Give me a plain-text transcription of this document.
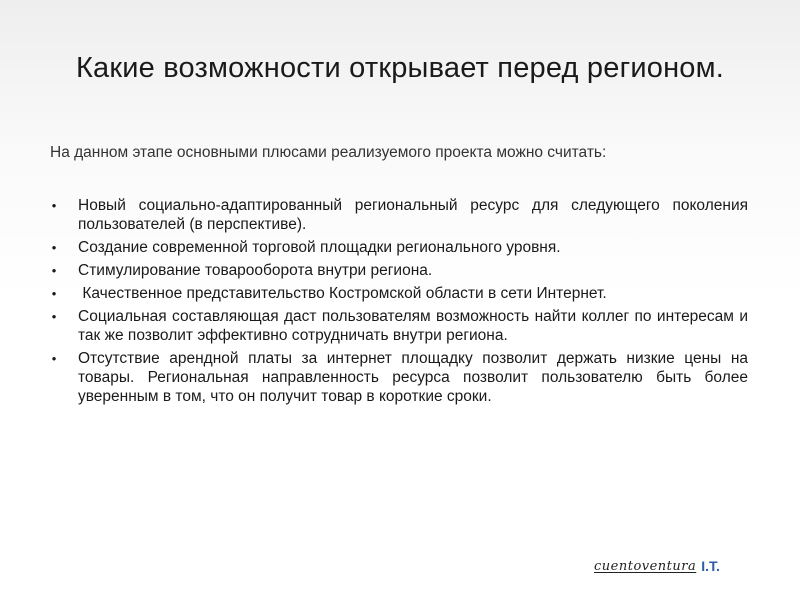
Какие возможности открывает перед регионом.
На данном этапе основными плюсами реализуемого проекта можно считать:
• Новый социально-адаптированный региональный ресурс для следующего поколения пользователей (в перспективе).
• Создание современной торговой площадки регионального уровня.
• Стимулирование товарооборота внутри региона.
• Качественное представительство Костромской области в сети Интернет.
• Социальная составляющая даст пользователям возможность найти коллег по интересам и так же позволит эффективно сотрудничать внутри региона.
• Отсутствие арендной платы за интернет площадку позволит держать низкие цены на товары. Региональная направленность ресурса позволит пользователю быть более уверенным в том, что он получит товар в короткие сроки.
cuentoventura I.T.
